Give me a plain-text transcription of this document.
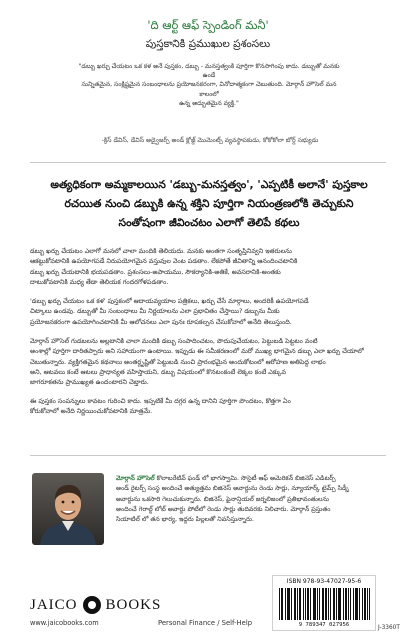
'ది ఆర్ట్ ఆఫ్ స్పెండింగ్ మనీ'
పుస్తకానికి ప్రముఖుల ప్రశంసలు
"డబ్బు ఖర్చు చేయటం ఒక కళ అనే పుస్తకం, డబ్బు - మనస్తత్వంకి పూర్తిగా కొనసాగింపు కాదు. డబ్బుతో మనకు ఉండే
సున్నితమైన, సంక్లిష్టమైన సంబంధాలను ప్రయోజనకరంగా, వినోదాత్మకంగా చెబుతుంది. మోర్గాన్ హౌసెల్ మన కాలంలో
ఉన్న అద్భుతమైన వ్యక్తి."
-క్రిస్ డేవిస్, డేవిస్ అడ్వైజర్స్ అండ్ క్లోజ్డ్ మొమెంట్స్ వ్యవస్థాపకుడు, కోకోకోలా బోర్డ్ సభ్యుడు
అత్యధికంగా అమ్మకాలయిన 'డబ్బు-మనస్తత్వం', 'ఎప్పటికీ అలానే' పుస్తకాల
రచయిత నుంచి డబ్బుకి ఉన్న శక్తిని పూర్తిగా నియంత్రణలోకి తెచ్చుకుని
సంతోషంగా జీవించటం ఎలాగో తెలిపే కథలు
డబ్బు ఖర్చు చేయటం ఎలాగో మనలో చాలా మందికి తెలియదు. మనకు అంతగా సంతృప్తినివ్వని ఇతరులను
ఆకట్టుకోవటానికి ఉపయోగపడే నిరుపయోగమైన వస్తువుల వెంట పడతాం. లేకపోతే జీవితాన్ని ఆనందించటానికి
డబ్బు ఖర్చు చేయటానికి భయపడతాం. ప్రశంసలు-అపాయము, సౌకర్యానికి-అతికే, అవసరానికి-అంతకు
దాటుకోవటానికి మధ్య తేడా తెలియక గందరగోళపడతాం.
'డబ్బు ఖర్చు చేయటం ఒక కళ' పుస్తకంలో ఆదాయవ్యయాల పత్రికలు, ఖర్చు చేసే మార్గాలు, అందరికీ ఉపయోగపడే
చిట్కాలు ఉండవు. డబ్బుతో మీ సంబంధాలు మీ నిర్ణయాలను ఎలా ప్రభావితం చేస్తాయి? డబ్బును మీకు
ప్రయోజనకరంగా ఉపయోగించటానికి మీ ఆలోచనలు ఎలా పునః రూపకల్పన చేసుకోవాలో అనేది తెలుస్తుంది.
మోర్గాన్ హౌసెల్ గుడబలను అల్లటానికి చాలా మందికి డబ్బు సంపాదించటం, పొదుపుచేయటం, పెట్టుబడి పెట్టటం వంటి
అంశాల్లో పూర్తిగా దారితప్పారు అని సహాయంగా ఉంటాయి. ఇప్పుడు ఈ సమీకరణంలో మరో ముఖ్య భాగమైన డబ్బు ఎలా ఖర్చు చేయాలో
చెబుతున్నారు. వ్యక్తిగతమైన కథనాలు అంతర్దృష్టితో పెట్టుబడి నుంచి ప్రారంభమైన అందుకోటంలో ఆరోహణ అతిపెద్ద లాభం
అని, ఆటవలు కంటే ఆటలు ప్రాధాన్యత వహిస్తాయని, డబ్బు విషయంలో కొనటంకంటే లెక్కల కంటే ఎక్కువ
జాగరూకతను ప్రాముఖ్యత ఉందంటారని చెబ్తారు.
ఈ పుస్తకం సంపన్నులు కావటం గురించి కాదు. ఇప్పటికే మీ దగ్గర ఉన్న దానిని పూర్తిగా పొందటం, కొత్తగా ఏం
కోరుకోవాలో అనేది నిర్ణయించుకోవటానికి మాత్రమే.
మోర్గాన్ హౌసెల్ కొలాబరేటివ్ ఫండ్ లో భాగస్వామి. సొసైటీ ఆఫ్ అమెరికన్ బిజినెస్ ఎడిటర్స్
అండ్ రైటర్స్ సంస్థ అందించే అత్యుత్తమ బిజినెస్ అవార్డును రెండు సార్లు, న్యూయార్క్ టైమ్స్ సిడ్నీ
అవార్డును ఒకసారి గెలుచుకున్నారు. బిజినెస్, ఫైనాన్షియల్ జర్నలిజంలో ప్రతిభావంతులను
అందించే గెరాల్డ్ లోబ్ అవార్డు పోటీలో రెండు సార్లు తుదివరకు నిలిచారు. మోర్గాన్ ప్రస్తుతం
సియాటిల్ లో తన భార్య, ఇద్దరు పిల్లలతో నివసిస్తున్నారు.
JAICO BOOKS
www.jaicobooks.com	Personal Finance / Self-Help
ISBN 978-93-47027-95-6
9 789347 027956	J-3360T
